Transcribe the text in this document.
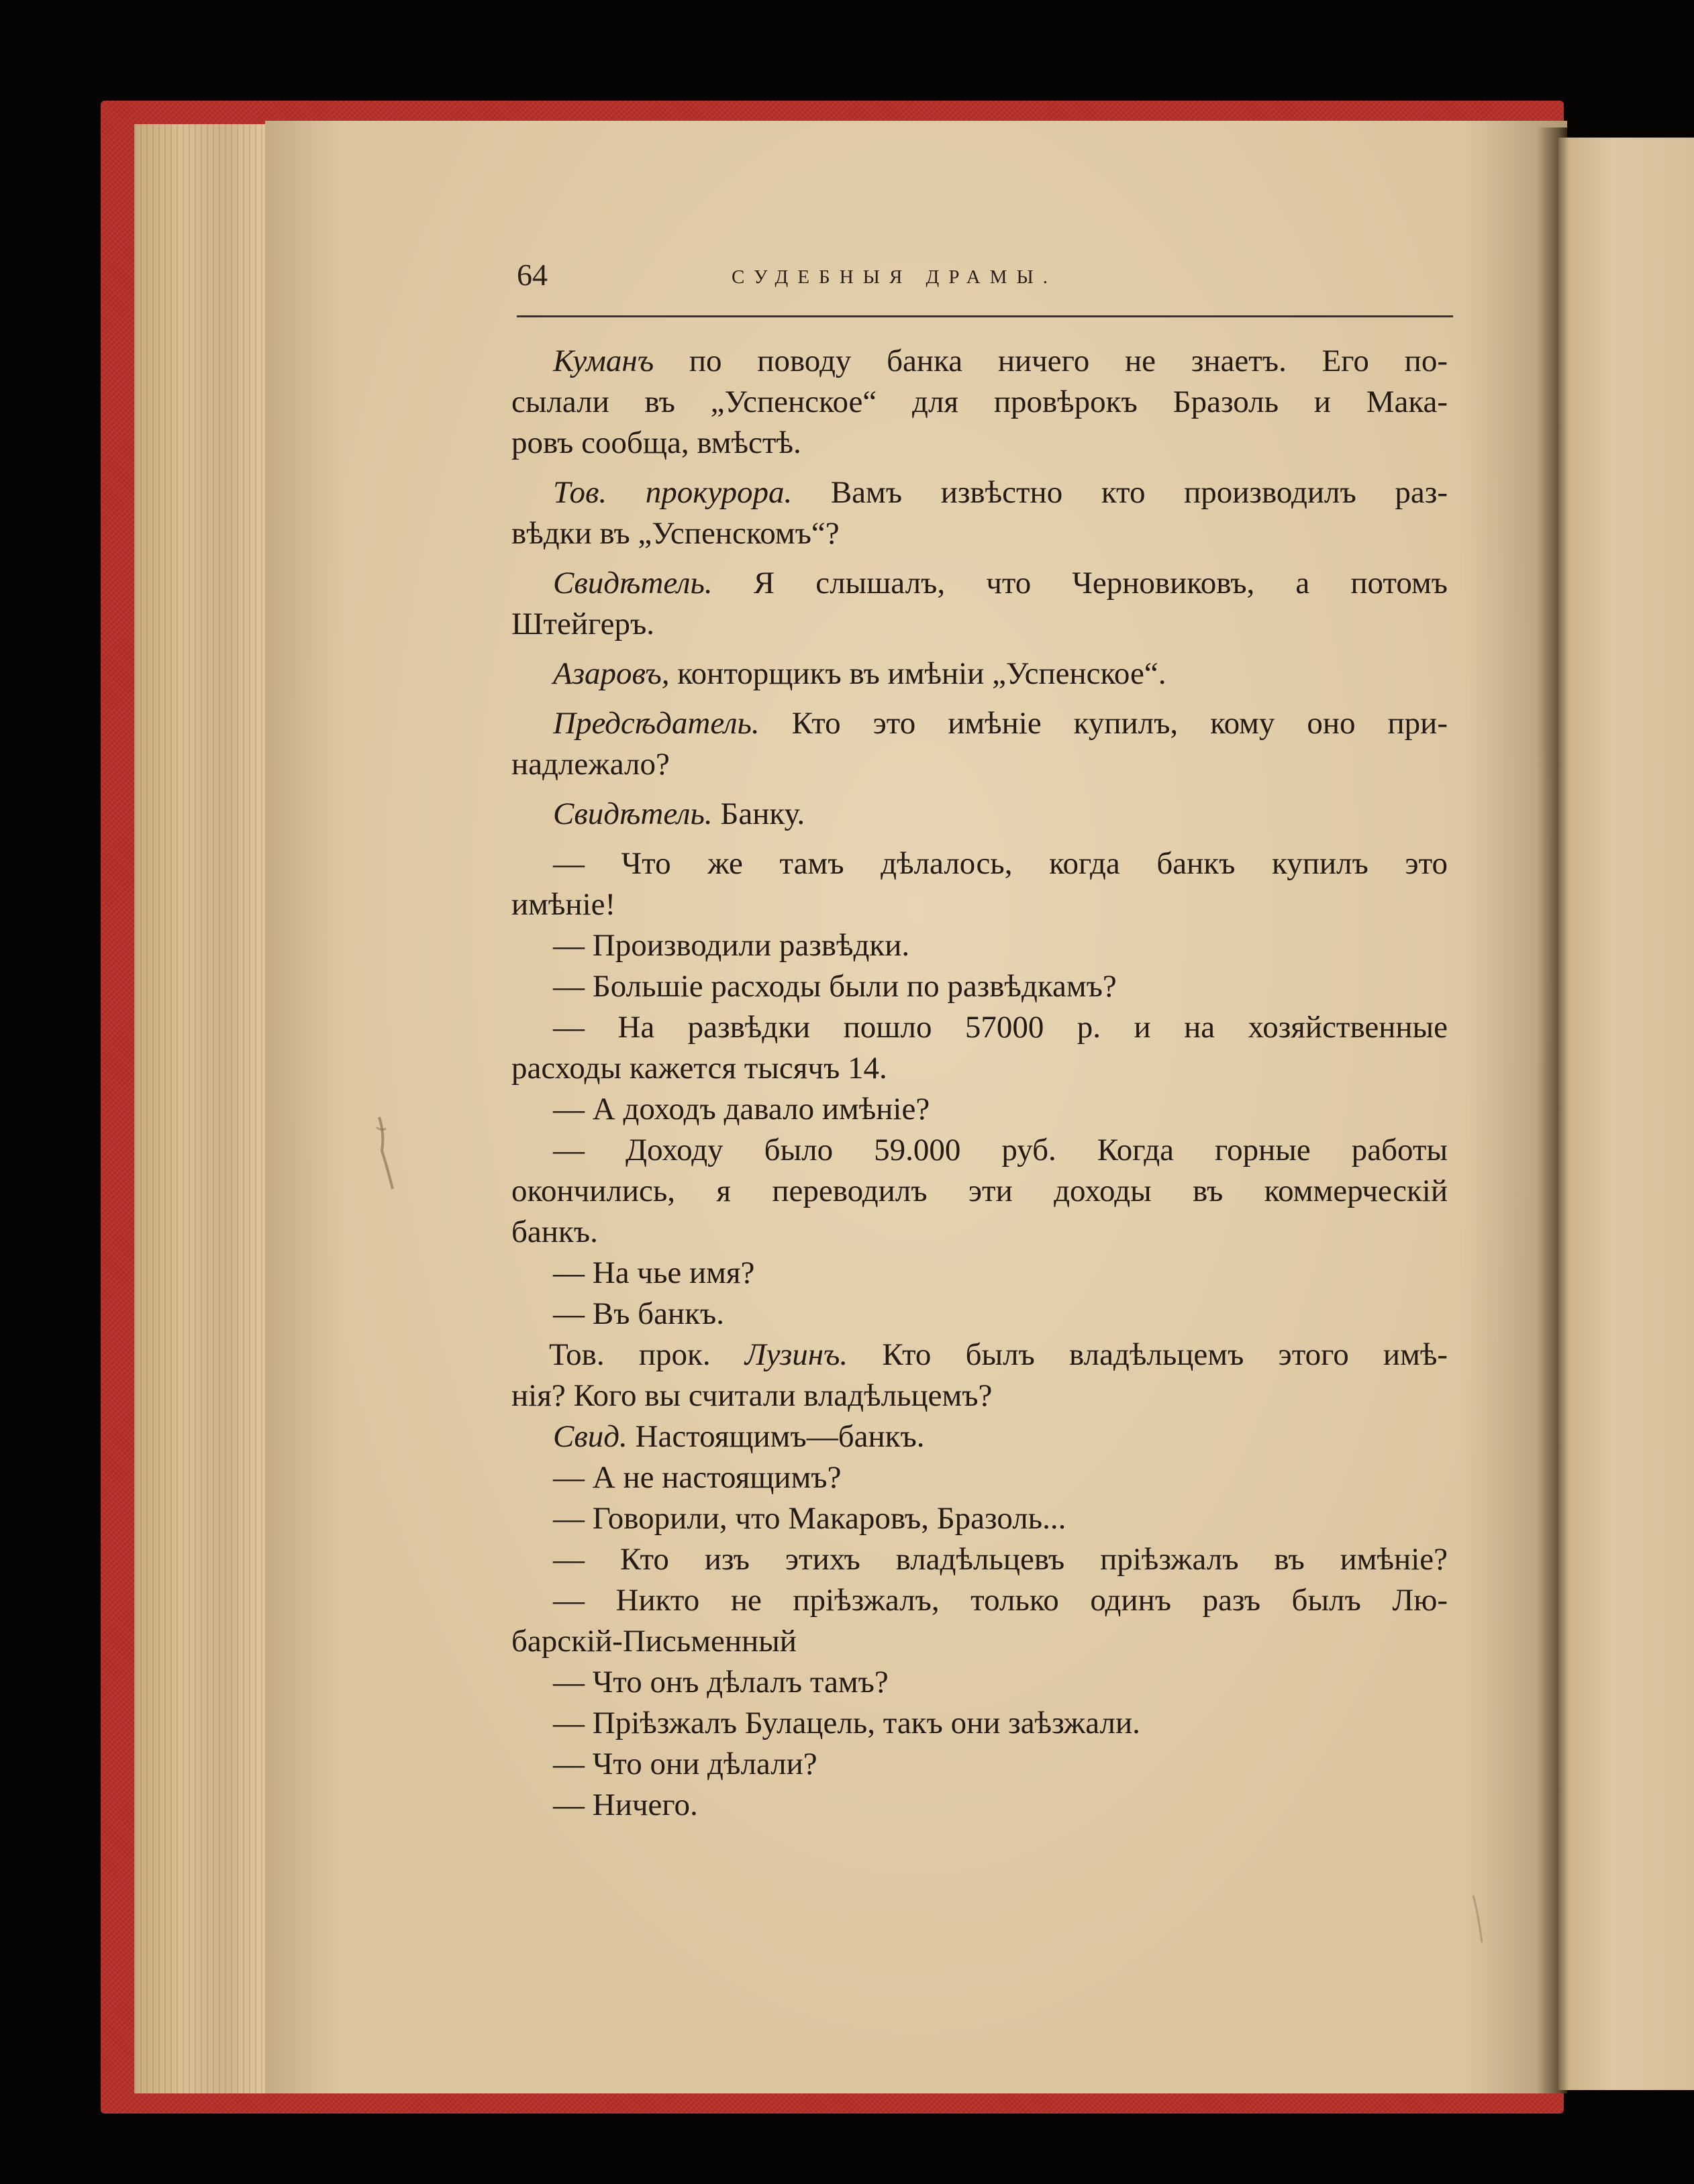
64	СУДЕБНЫЯ ДРАМЫ.
Куманъ по поводу банка ничего не знаетъ. Его по-
сылали въ „Успенское“ для провѣрокъ Бразоль и Мака-
ровъ сообща, вмѣстѣ.
Тов. прокурора. Вамъ извѣстно кто производилъ раз-
вѣдки въ „Успенскомъ“?
Свидѣтель. Я слышалъ, что Черновиковъ, а потомъ
Штейгеръ.
Азаровъ, конторщикъ въ имѣніи „Успенское“.
Предсѣдатель. Кто это имѣніе купилъ, кому оно при-
надлежало?
Свидѣтель. Банку.
— Что же тамъ дѣлалось, когда банкъ купилъ это
имѣніе!
— Производили развѣдки.
— Большіе расходы были по развѣдкамъ?
— На развѣдки пошло 57000 р. и на хозяйственные
расходы кажется тысячъ 14.
— А доходъ давало имѣніе?
— Доходу было 59.000 руб. Когда горные работы
окончились, я переводилъ эти доходы въ коммерческій
банкъ.
— На чье имя?
— Въ банкъ.
Тов. прок. Лузинъ. Кто былъ владѣльцемъ этого имѣ-
нія? Кого вы считали владѣльцемъ?
Свид. Настоящимъ—банкъ.
— А не настоящимъ?
— Говорили, что Макаровъ, Бразоль...
— Кто изъ этихъ владѣльцевъ пріѣзжалъ въ имѣніе?
— Никто не пріѣзжалъ, только одинъ разъ былъ Лю-
барскій-Письменный
— Что онъ дѣлалъ тамъ?
— Пріѣзжалъ Булацель, такъ они заѣзжали.
— Что они дѣлали?
— Ничего.
